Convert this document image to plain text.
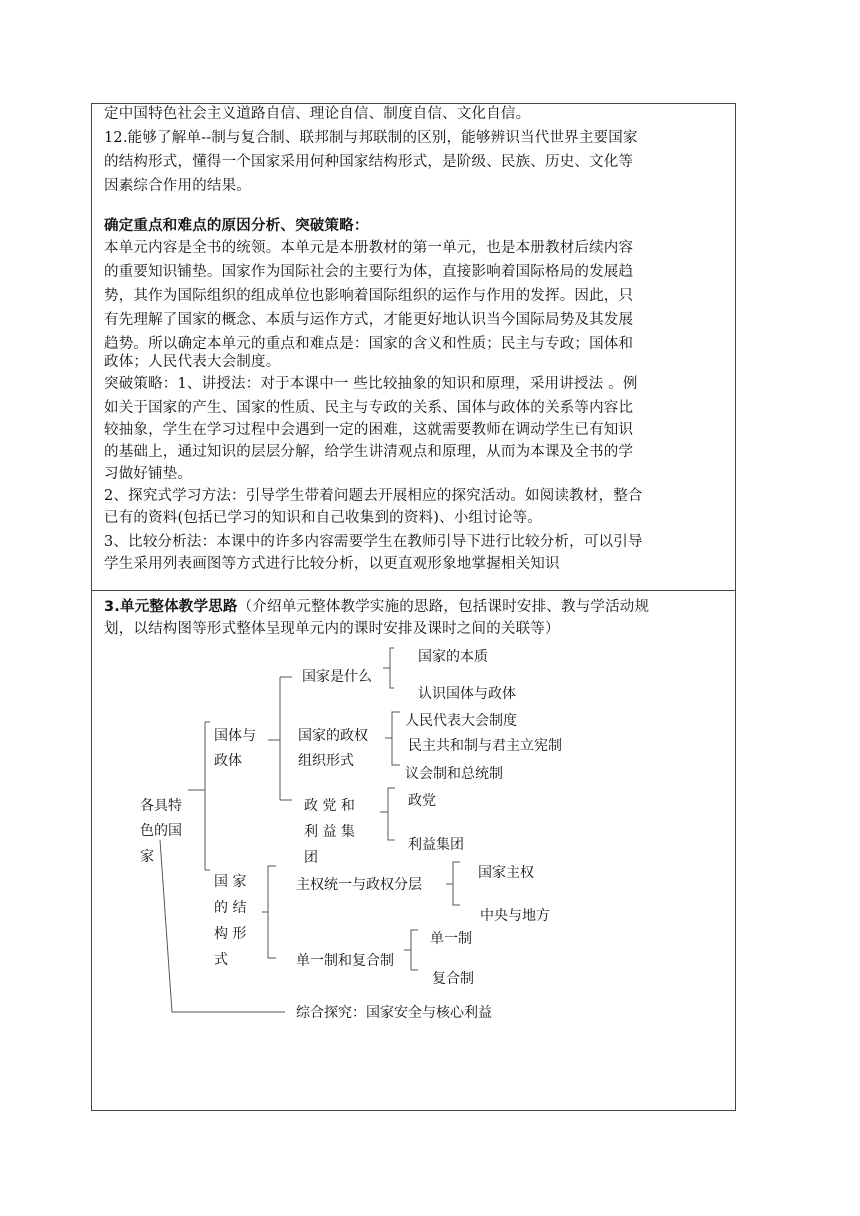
定中国特色社会主义道路自信、理论自信、制度自信、文化自信。
12.能够了解单--制与复合制、联邦制与邦联制的区别，能够辨识当代世界主要国家
的结构形式，懂得一个国家采用何种国家结构形式，是阶级、民族、历史、文化等
因素综合作用的结果。
确定重点和难点的原因分析、突破策略：
本单元内容是全书的统领。本单元是本册教材的第一单元，也是本册教材后续内容
的重要知识铺垫。国家作为国际社会的主要行为体，直接影响着国际格局的发展趋
势，其作为国际组织的组成单位也影响着国际组织的运作与作用的发挥。因此，只
有先理解了国家的概念、本质与运作方式，才能更好地认识当今国际局势及其发展
趋势。所以确定本单元的重点和难点是：国家的含义和性质；民主与专政；国体和
政体；人民代表大会制度。
突破策略：1、讲授法：对于本课中一 些比较抽象的知识和原理，采用讲授法 。例
如关于国家的产生、国家的性质、民主与专政的关系、国体与政体的关系等内容比
较抽象，学生在学习过程中会遇到一定的困难，这就需要教师在调动学生已有知识
的基础上，通过知识的层层分解，给学生讲清观点和原理，从而为本课及全书的学
习做好铺垫。
2、探究式学习方法：引导学生带着问题去开展相应的探究活动。如阅读教材，整合
已有的资料(包括已学习的知识和自己收集到的资料)、小组讨论等。
3、比较分析法：本课中的许多内容需要学生在教师引导下进行比较分析，可以引导
学生采用列表画图等方式进行比较分析，以更直观形象地掌握相关知识
3.单元整体教学思路（介绍单元整体教学实施的思路，包括课时安排、教与学活动规
划，以结构图等形式整体呈现单元内的课时安排及课时之间的关联等）
各具特
色的国
家
国体与
政体
国家是什么
国家的本质
认识国体与政体
国家的政权
组织形式
人民代表大会制度
民主共和制与君主立宪制
议会制和总统制
政 党 和
利 益 集
团
政党
利益集团
国 家
的 结
构 形
式
主权统一与政权分层
国家主权
中央与地方
单一制和复合制
单一制
复合制
综合探究：国家安全与核心利益
